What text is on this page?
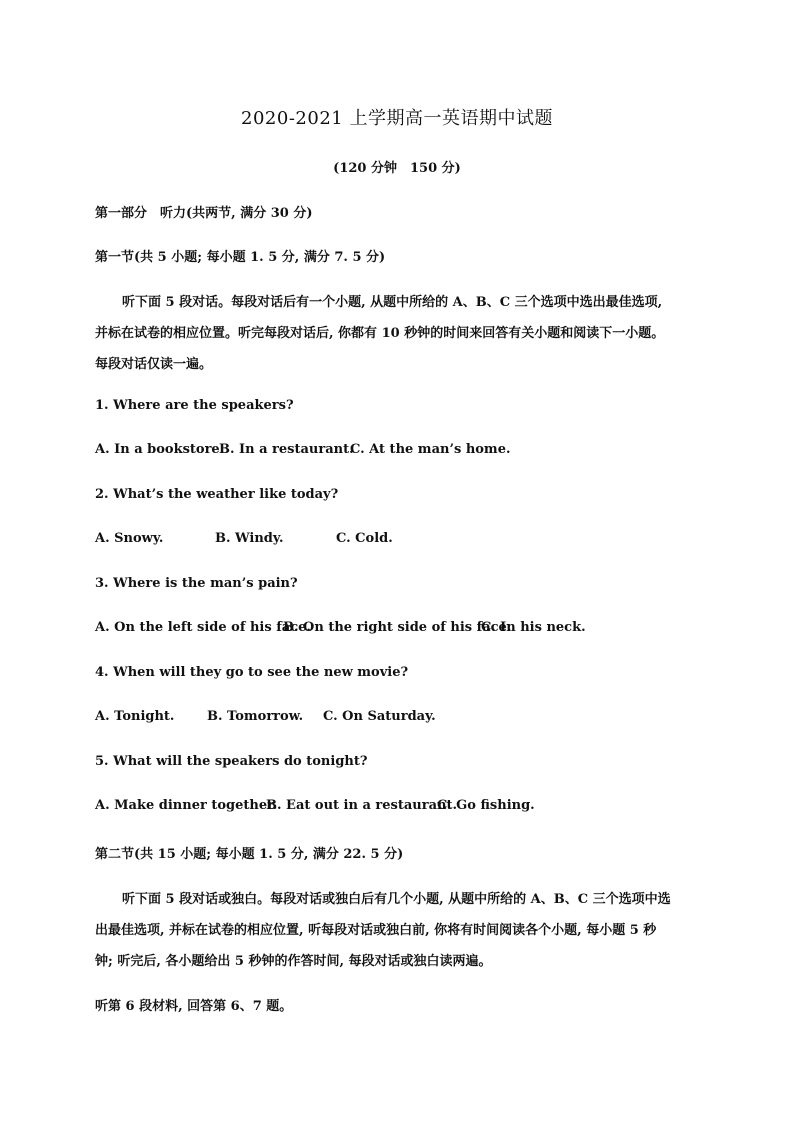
2020-2021 上学期高一英语期中试题
(120 分钟　150 分)
第一部分　听力(共两节, 满分 30 分)
第一节(共 5 小题; 每小题 1. 5 分, 满分 7. 5 分)
听下面 5 段对话。每段对话后有一个小题, 从题中所给的 A、B、C 三个选项中选出最佳选项,
并标在试卷的相应位置。听完每段对话后, 你都有 10 秒钟的时间来回答有关小题和阅读下一小题。
每段对话仅读一遍。
1. Where are the speakers?
A. In a bookstore.B. In a restaurant.C. At the man’s home.
2. What’s the weather like today?
A. Snowy.	B. Windy.	C. Cold.
3. Where is the man’s pain?
A. On the left side of his face.B. On the right side of his face.C. In his neck.
4. When will they go to see the new movie?
A. Tonight.	B. Tomorrow. C. On Saturday.
5. What will the speakers do tonight?
A. Make dinner together.B. Eat out in a restaurant.C. Go fishing.
第二节(共 15 小题; 每小题 1. 5 分, 满分 22. 5 分)
听下面 5 段对话或独白。每段对话或独白后有几个小题, 从题中所给的 A、B、C 三个选项中选
出最佳选项, 并标在试卷的相应位置, 听每段对话或独白前, 你将有时间阅读各个小题, 每小题 5 秒
钟; 听完后, 各小题给出 5 秒钟的作答时间, 每段对话或独白读两遍。
听第 6 段材料, 回答第 6、7 题。
